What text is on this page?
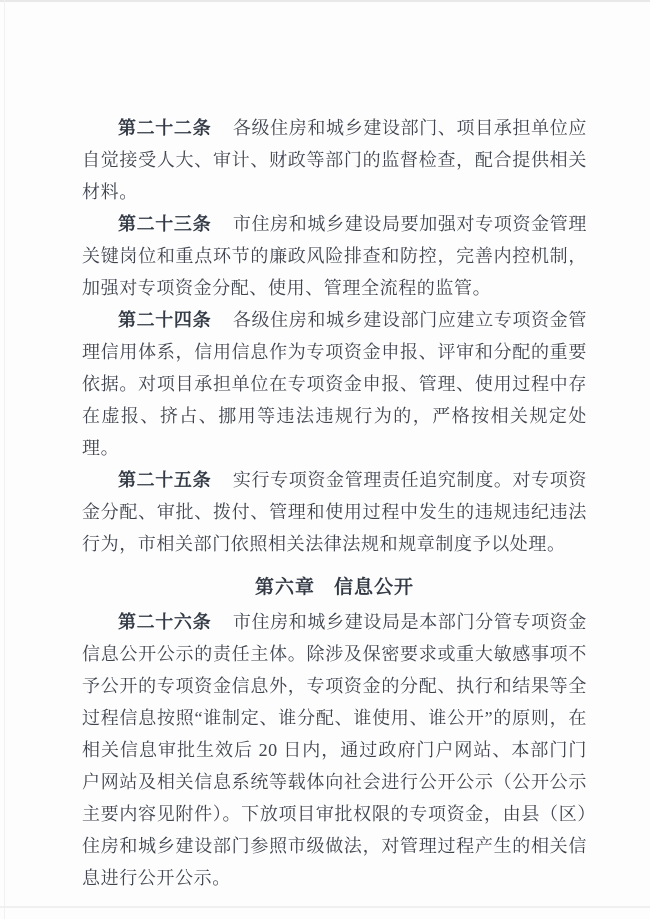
第二十二条 各级住房和城乡建设部门、项目承担单位应自觉接受人大、审计、财政等部门的监督检查，配合提供相关材料。

第二十三条 市住房和城乡建设局要加强对专项资金管理关键岗位和重点环节的廉政风险排查和防控，完善内控机制，加强对专项资金分配、使用、管理全流程的监管。

第二十四条 各级住房和城乡建设部门应建立专项资金管理信用体系，信用信息作为专项资金申报、评审和分配的重要依据。对项目承担单位在专项资金申报、管理、使用过程中存在虚报、挤占、挪用等违法违规行为的，严格按相关规定处理。

第二十五条 实行专项资金管理责任追究制度。对专项资金分配、审批、拨付、管理和使用过程中发生的违规违纪违法行为，市相关部门依照相关法律法规和规章制度予以处理。

第六章 信息公开

第二十六条 市住房和城乡建设局是本部门分管专项资金信息公开公示的责任主体。除涉及保密要求或重大敏感事项不予公开的专项资金信息外，专项资金的分配、执行和结果等全过程信息按照“谁制定、谁分配、谁使用、谁公开”的原则，在相关信息审批生效后 20 日内，通过政府门户网站、本部门门户网站及相关信息系统等载体向社会进行公开公示（公开公示主要内容见附件）。下放项目审批权限的专项资金，由县（区）住房和城乡建设部门参照市级做法，对管理过程产生的相关信息进行公开公示。
